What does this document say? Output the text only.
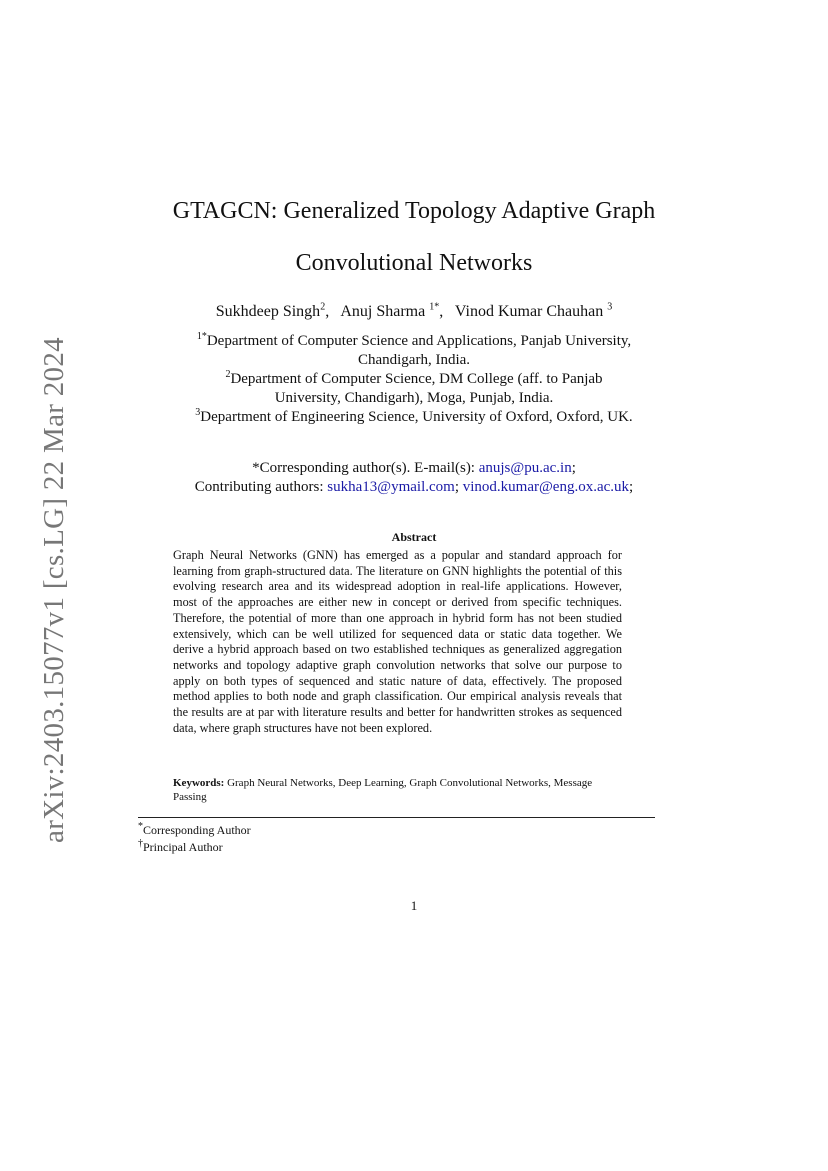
arXiv:2403.15077v1 [cs.LG] 22 Mar 2024
GTAGCN: Generalized Topology Adaptive Graph
Convolutional Networks
Sukhdeep Singh$^2$,   Anuj Sharma $^{1*}$,   Vinod Kumar Chauhan $^3$
$^{1*}$Department of Computer Science and Applications, Panjab University,
Chandigarh, India.
$^2$Department of Computer Science, DM College (aff. to Panjab
University, Chandigarh), Moga, Punjab, India.
$^3$Department of Engineering Science, University of Oxford, Oxford, UK.
*Corresponding author(s). E-mail(s): anujs@pu.ac.in;
Contributing authors: sukha13@ymail.com; vinod.kumar@eng.ox.ac.uk;
Abstract
Graph Neural Networks (GNN) has emerged as a popular and standard approach for learning from graph-structured data. The literature on GNN highlights the potential of this evolving research area and its widespread adoption in real-life applications. However, most of the approaches are either new in concept or derived from specific techniques. Therefore, the potential of more than one approach in hybrid form has not been studied extensively, which can be well utilized for sequenced data or static data together. We derive a hybrid approach based on two established techniques as generalized aggregation networks and topology adaptive graph convolution networks that solve our purpose to apply on both types of sequenced and static nature of data, effectively. The proposed method applies to both node and graph classification. Our empirical analysis reveals that the results are at par with literature results and better for handwritten strokes as sequenced data, where graph structures have not been explored.
Keywords: Graph Neural Networks, Deep Learning, Graph Convolutional Networks, Message Passing
*Corresponding Author
†Principal Author
1
